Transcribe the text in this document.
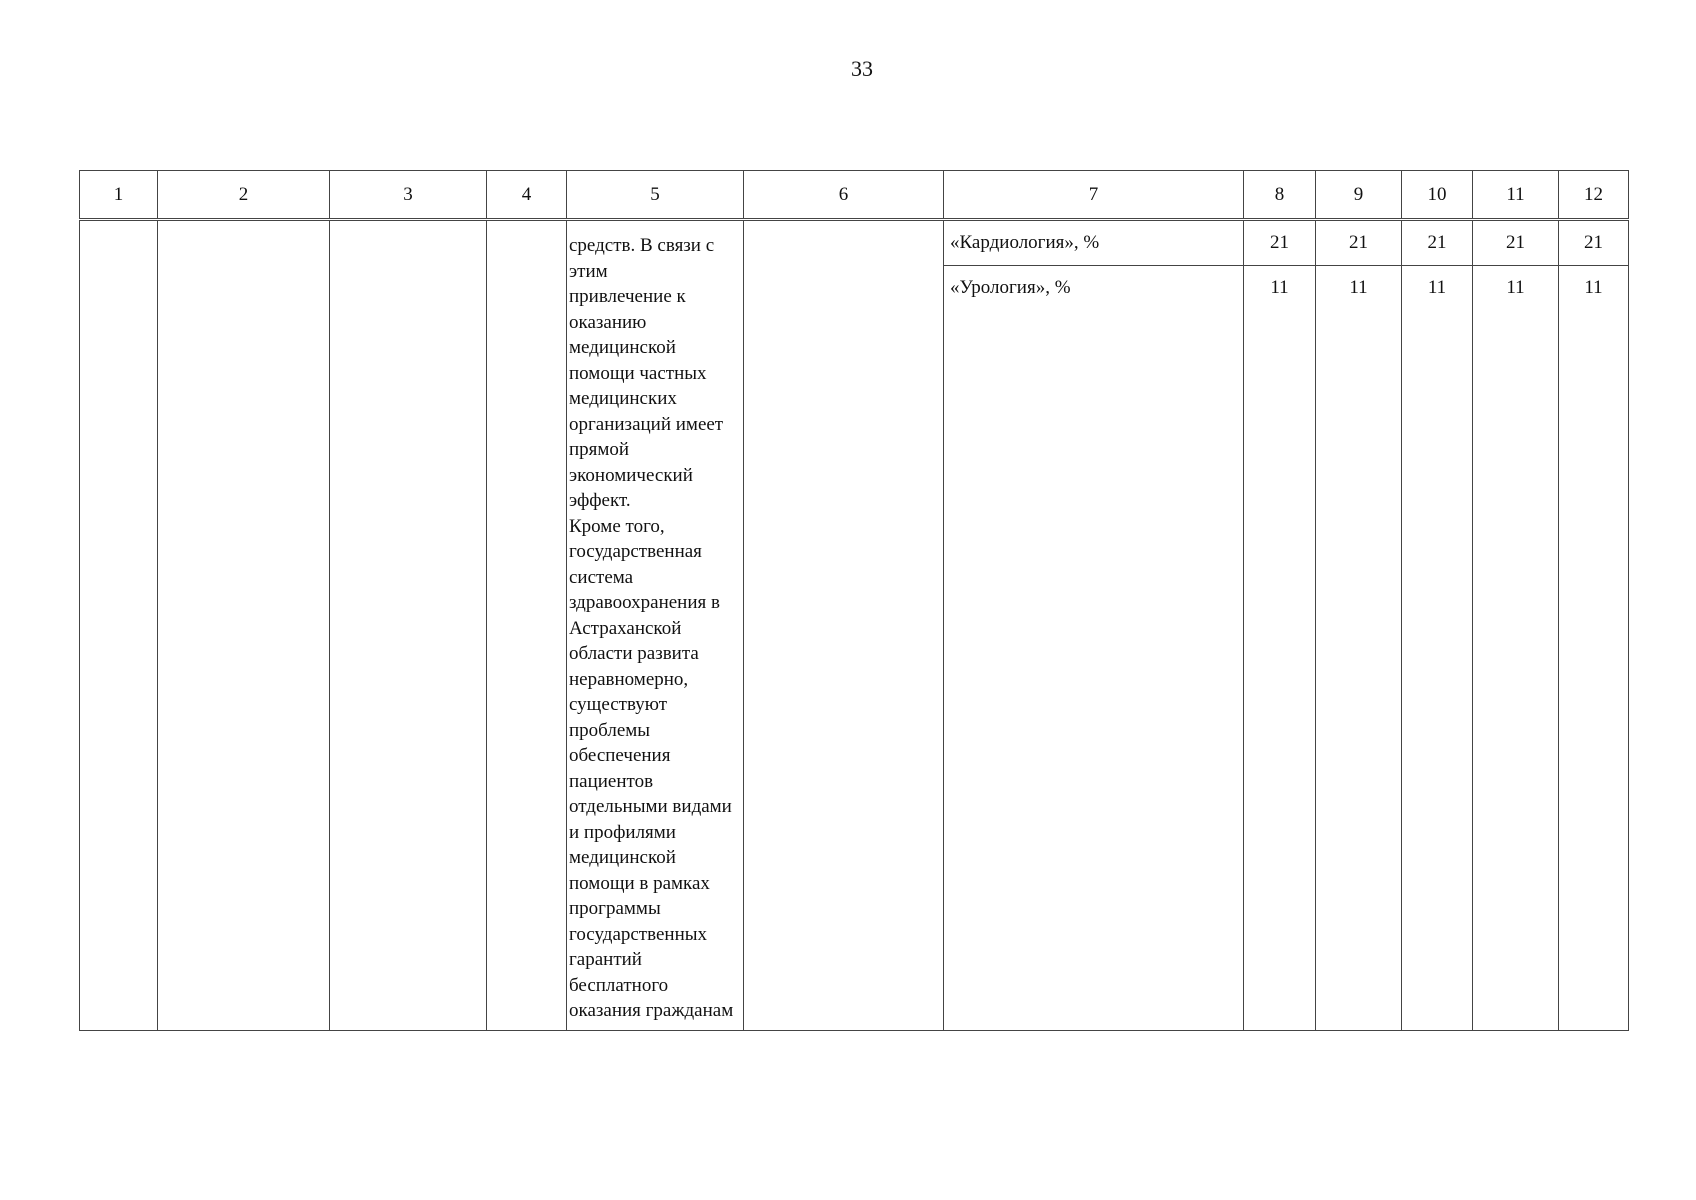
33
1	2	3	4	5	6	7	8	9	10	11	12
				средств. В связи с этим
привлечение к оказанию медицинской помощи частных медицинских организаций имеет прямой экономический эффект.
Кроме того, государственная система здравоохранения в Астраханской области развита неравномерно, существуют проблемы обеспечения пациентов отдельными видами и профилями медицинской помощи в рамках программы государственных гарантий бесплатного оказания гражданам		«Кардиология», %	21	21	21	21	21
						«Урология», %	11	11	11	11	11
